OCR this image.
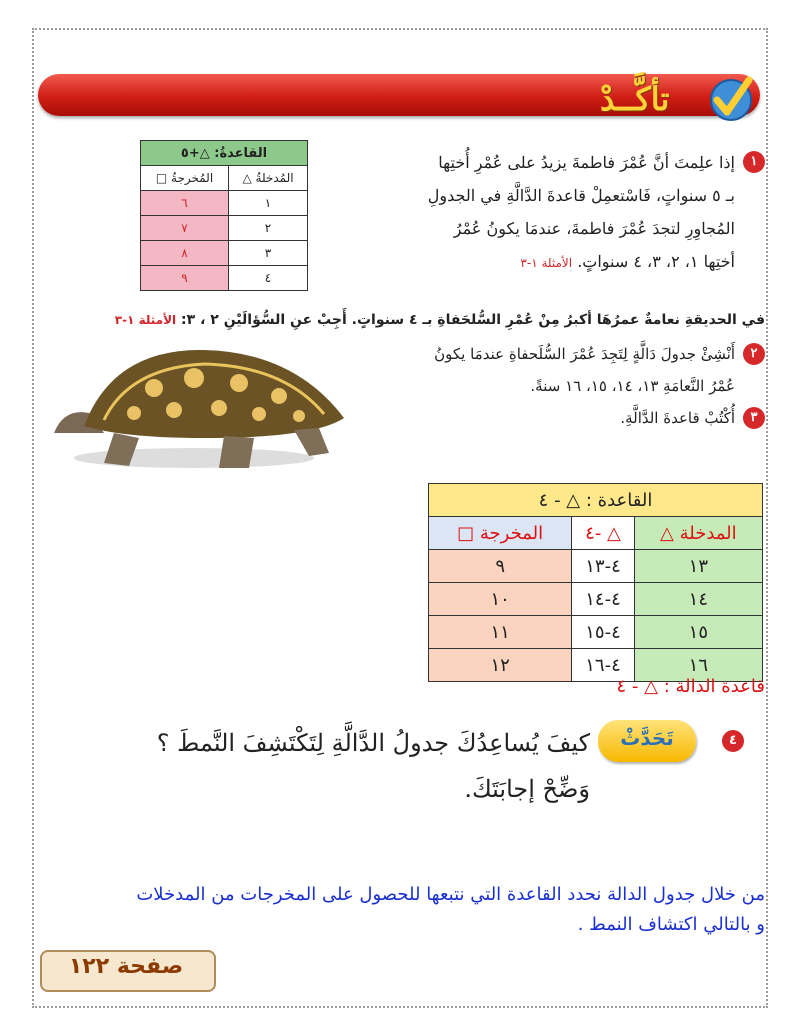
تأكَّــدْ
١

إذا علِمتَ أنَّ عُمْرَ فاطمةَ يزيدُ على عُمْرِ أُختِها

بـ ٥ سنواتٍ، فَاسْتعمِلْ قاعدةَ الدَّالَّةِ في الجدولِ

المُجاوِرِ لتجدَ عُمْرَ فاطمةَ، عندمَا يكونُ عُمْرُ

أختِها ١، ٢، ٣، ٤ سنواتٍ. الأمثلة ١-٣

القاعدةُ: △+٥	
المُدخلةُ △	المُخرجةُ □
١	٦
٢	٧
٣	٨
٤	٩
في الحديقةِ نعامةٌ عمرُهَا أكبرُ مِنْ عُمْرِ السُّلحَفاةِ بـ ٤ سنواتٍ. أَجِبْ عنِ السُّؤالَيْنِ ٢ ، ٣: الأمثلة ١-٣
٢
أَنْشِئْ جدولَ دَالَّةٍ لِتَجِدَ عُمْرَ السُّلَحفاةِ عندمَا يكونُ
عُمْرُ النَّعامَةِ ١٣، ١٤، ١٥، ١٦ سنةً.
٣
أُكْتُبْ قاعدةَ الدَّالَّةِ.
القاعدة : △ - ٤		
المدخلة △	△ -٤	المخرجة □
١٣	٤-١٣	٩
١٤	٤-١٤	١٠
١٥	٤-١٥	١١
١٦	٤-١٦	١٢
قاعدة الدالة : △ - ٤
٤
تَحَدَّثْ
كيفَ يُساعِدُكَ جدولُ الدَّالَّةِ لِتَكْتَشِفَ النَّمطَ ؟
وَضِّحْ إجابَتَكَ.
من خلال جدول الدالة نحدد القاعدة التي نتبعها للحصول على المخرجات من المدخلات
و بالتالي اكتشاف النمط .
صفحة ١٢٢
